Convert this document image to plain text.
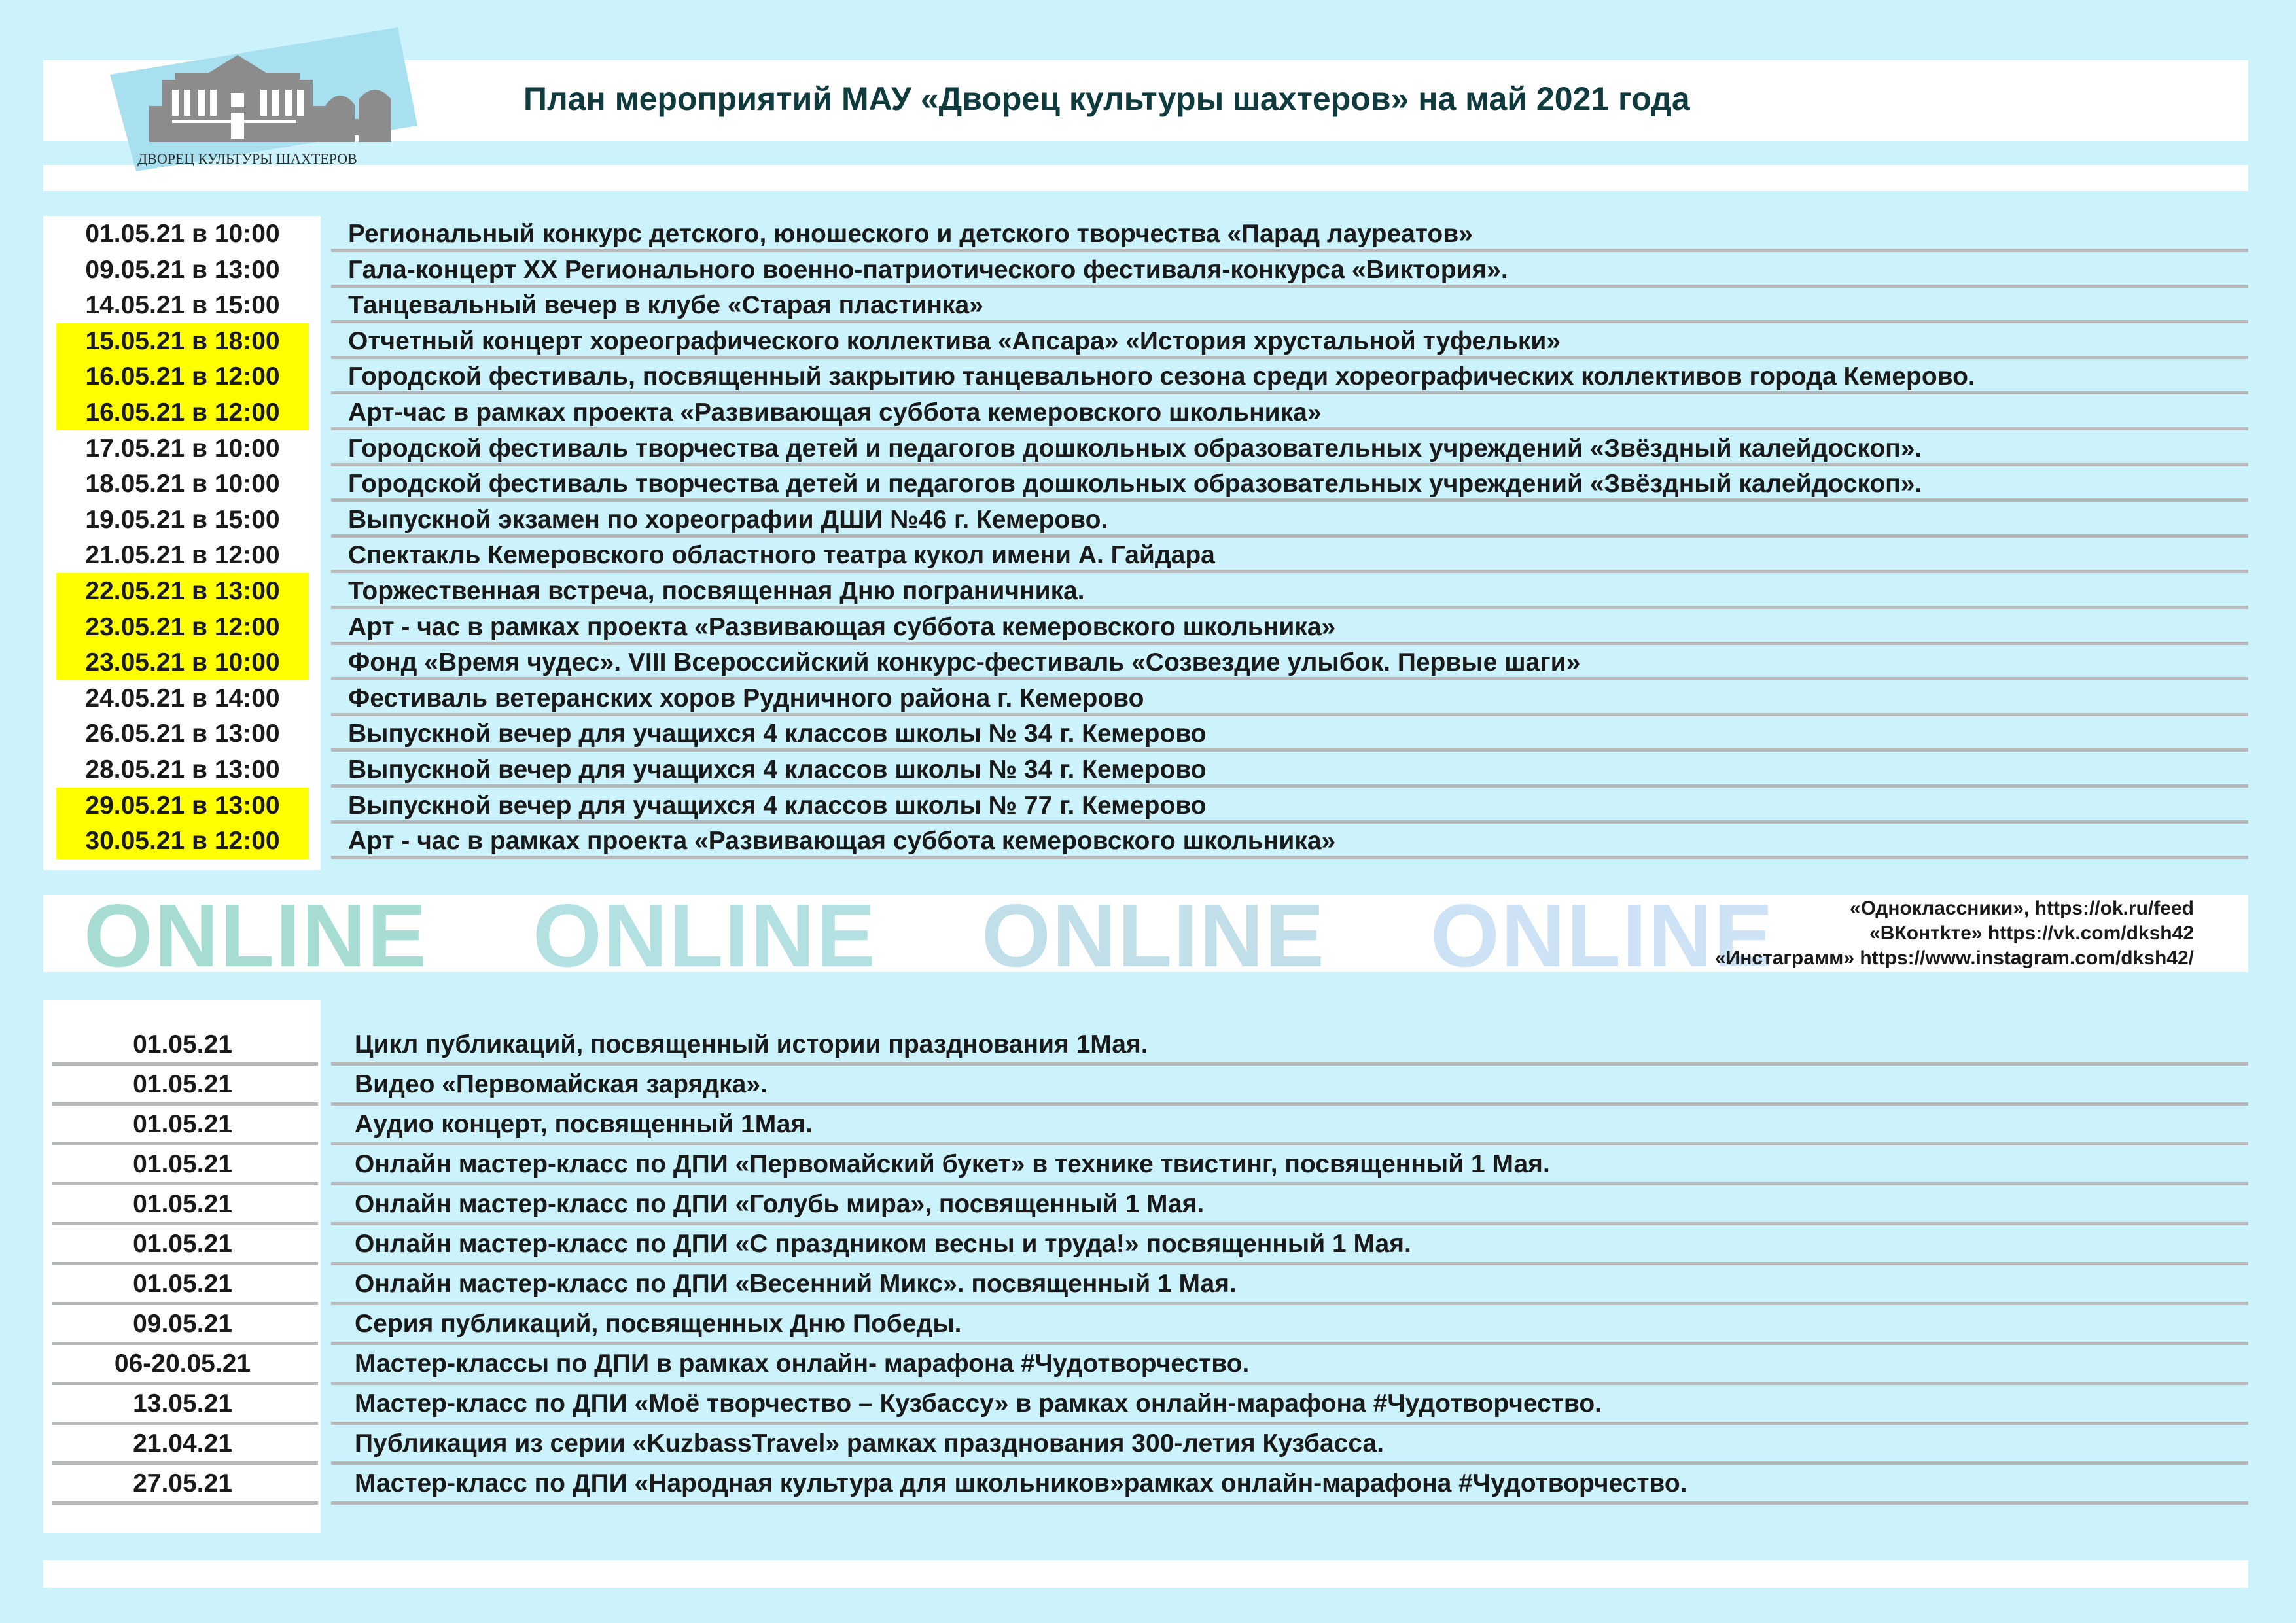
ДВОРЕЦ КУЛЬТУРЫ ШАХТЕРОВ
План мероприятий МАУ «Дворец культуры шахтеров» на май 2021 года
01.05.21 в 10:00	Региональный конкурс детского, юношеского и детского творчества «Парад лауреатов»
09.05.21 в 13:00	Гала-концерт XX Регионального военно-патриотического фестиваля-конкурса «Виктория».
14.05.21 в 15:00	Танцевальный вечер в клубе «Старая пластинка»
15.05.21 в 18:00	Отчетный концерт хореографического коллектива «Апсара» «История хрустальной туфельки»
16.05.21 в 12:00	Городской фестиваль, посвященный закрытию танцевального сезона среди хореографических коллективов города Кемерово.
16.05.21 в 12:00	Арт-час в рамках проекта «Развивающая суббота кемеровского школьника»
17.05.21 в 10:00	Городской фестиваль творчества детей и педагогов дошкольных образовательных учреждений «Звёздный калейдоскоп».
18.05.21 в 10:00	Городской фестиваль творчества детей и педагогов дошкольных образовательных учреждений «Звёздный калейдоскоп».
19.05.21 в 15:00	Выпускной экзамен по хореографии ДШИ №46 г. Кемерово.
21.05.21 в 12:00	Спектакль Кемеровского областного театра кукол имени А. Гайдара
22.05.21 в 13:00	Торжественная встреча, посвященная Дню пограничника.
23.05.21 в 12:00	Арт - час в рамках проекта «Развивающая суббота кемеровского школьника»
23.05.21 в 10:00	Фонд «Время чудес». VIII Всероссийский конкурс-фестиваль «Созвездие улыбок. Первые шаги»
24.05.21 в 14:00	Фестиваль ветеранских хоров Рудничного района г. Кемерово
26.05.21 в 13:00	Выпускной вечер для учащихся 4 классов школы № 34 г. Кемерово
28.05.21 в 13:00	Выпускной вечер для учащихся 4 классов школы № 34 г. Кемерово
29.05.21 в 13:00	Выпускной вечер для учащихся 4 классов школы № 77 г. Кемерово
30.05.21 в 12:00	Арт - час в рамках проекта «Развивающая суббота кемеровского школьника»
ONLINE ONLINE ONLINE ONLINE	«Одноклассники», https://ok.ru/feed
«ВКонтkте» https://vk.com/dksh42
«Инстаграмм» https://www.instagram.com/dksh42/
01.05.21	Цикл публикаций, посвященный истории празднования 1Мая.
01.05.21	Видео «Первомайская зарядка».
01.05.21	Аудио концерт, посвященный 1Мая.
01.05.21	Онлайн мастер-класс по ДПИ «Первомайский букет» в технике твистинг, посвященный 1 Мая.
01.05.21	Онлайн мастер-класс по ДПИ «Голубь мира», посвященный 1 Мая.
01.05.21	Онлайн мастер-класс по ДПИ «С праздником весны и труда!» посвященный 1 Мая.
01.05.21	Онлайн мастер-класс по ДПИ «Весенний Микс». посвященный 1 Мая.
09.05.21	Серия публикаций, посвященных Дню Победы.
06-20.05.21	Мастер-классы по ДПИ в рамках онлайн- марафона #Чудотворчество.
13.05.21	Мастер-класс по ДПИ «Моё творчество – Кузбассу» в рамках онлайн-марафона #Чудотворчество.
21.04.21	Публикация из серии «KuzbassTravel» рамках празднования 300-летия Кузбасса.
27.05.21	Мастер-класс по ДПИ «Народная культура для школьников»рамках онлайн-марафона #Чудотворчество.
